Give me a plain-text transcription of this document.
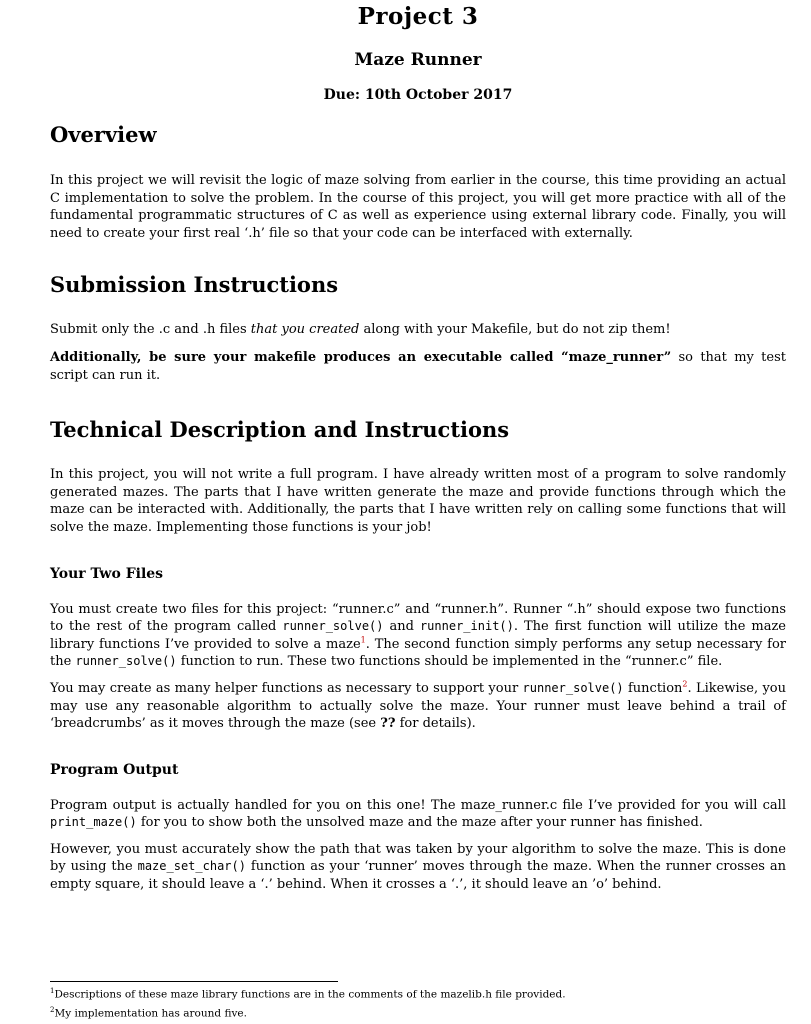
Project 3
Maze Runner
Due: 10th October 2017
Overview

In this project we will revisit the logic of maze solving from earlier in the course, this time providing an actual C implementation to solve the problem. In the course of this project, you will get more practice with all of the fundamental programmatic structures of C as well as experience using external library code. Finally, you will need to create your first real ‘.h’ file so that your code can be interfaced with externally.

Submission Instructions

Submit only the .c and .h files that you created along with your Makefile, but do not zip them!

Additionally, be sure your makefile produces an executable called “maze_runner” so that my test script can run it.

Technical Description and Instructions

In this project, you will not write a full program. I have already written most of a program to solve randomly generated mazes. The parts that I have written generate the maze and provide functions through which the maze can be interacted with. Additionally, the parts that I have written rely on calling some functions that will solve the maze. Implementing those functions is your job!

Your Two Files

You must create two files for this project: “runner.c” and “runner.h”. Runner “.h” should expose two functions to the rest of the program called runner_solve() and runner_init(). The first function will utilize the maze library functions I’ve provided to solve a maze$^1$. The second function simply performs any setup necessary for the runner_solve() function to run. These two functions should be implemented in the “runner.c” file.

You may create as many helper functions as necessary to support your runner_solve() function$^2$. Likewise, you may use any reasonable algorithm to actually solve the maze. Your runner must leave behind a trail of ‘breadcrumbs’ as it moves through the maze (see ?? for details).

Program Output

Program output is actually handled for you on this one! The maze_runner.c file I’ve provided for you will call print_maze() for you to show both the unsolved maze and the maze after your runner has finished.

However, you must accurately show the path that was taken by your algorithm to solve the maze. This is done by using the maze_set_char() function as your ‘runner’ moves through the maze. When the runner crosses an empty square, it should leave a ‘.’ behind. When it crosses a ‘.’, it should leave an ’o’ behind.

$^1$Descriptions of these maze library functions are in the comments of the mazelib.h file provided.
$^2$My implementation has around five.
